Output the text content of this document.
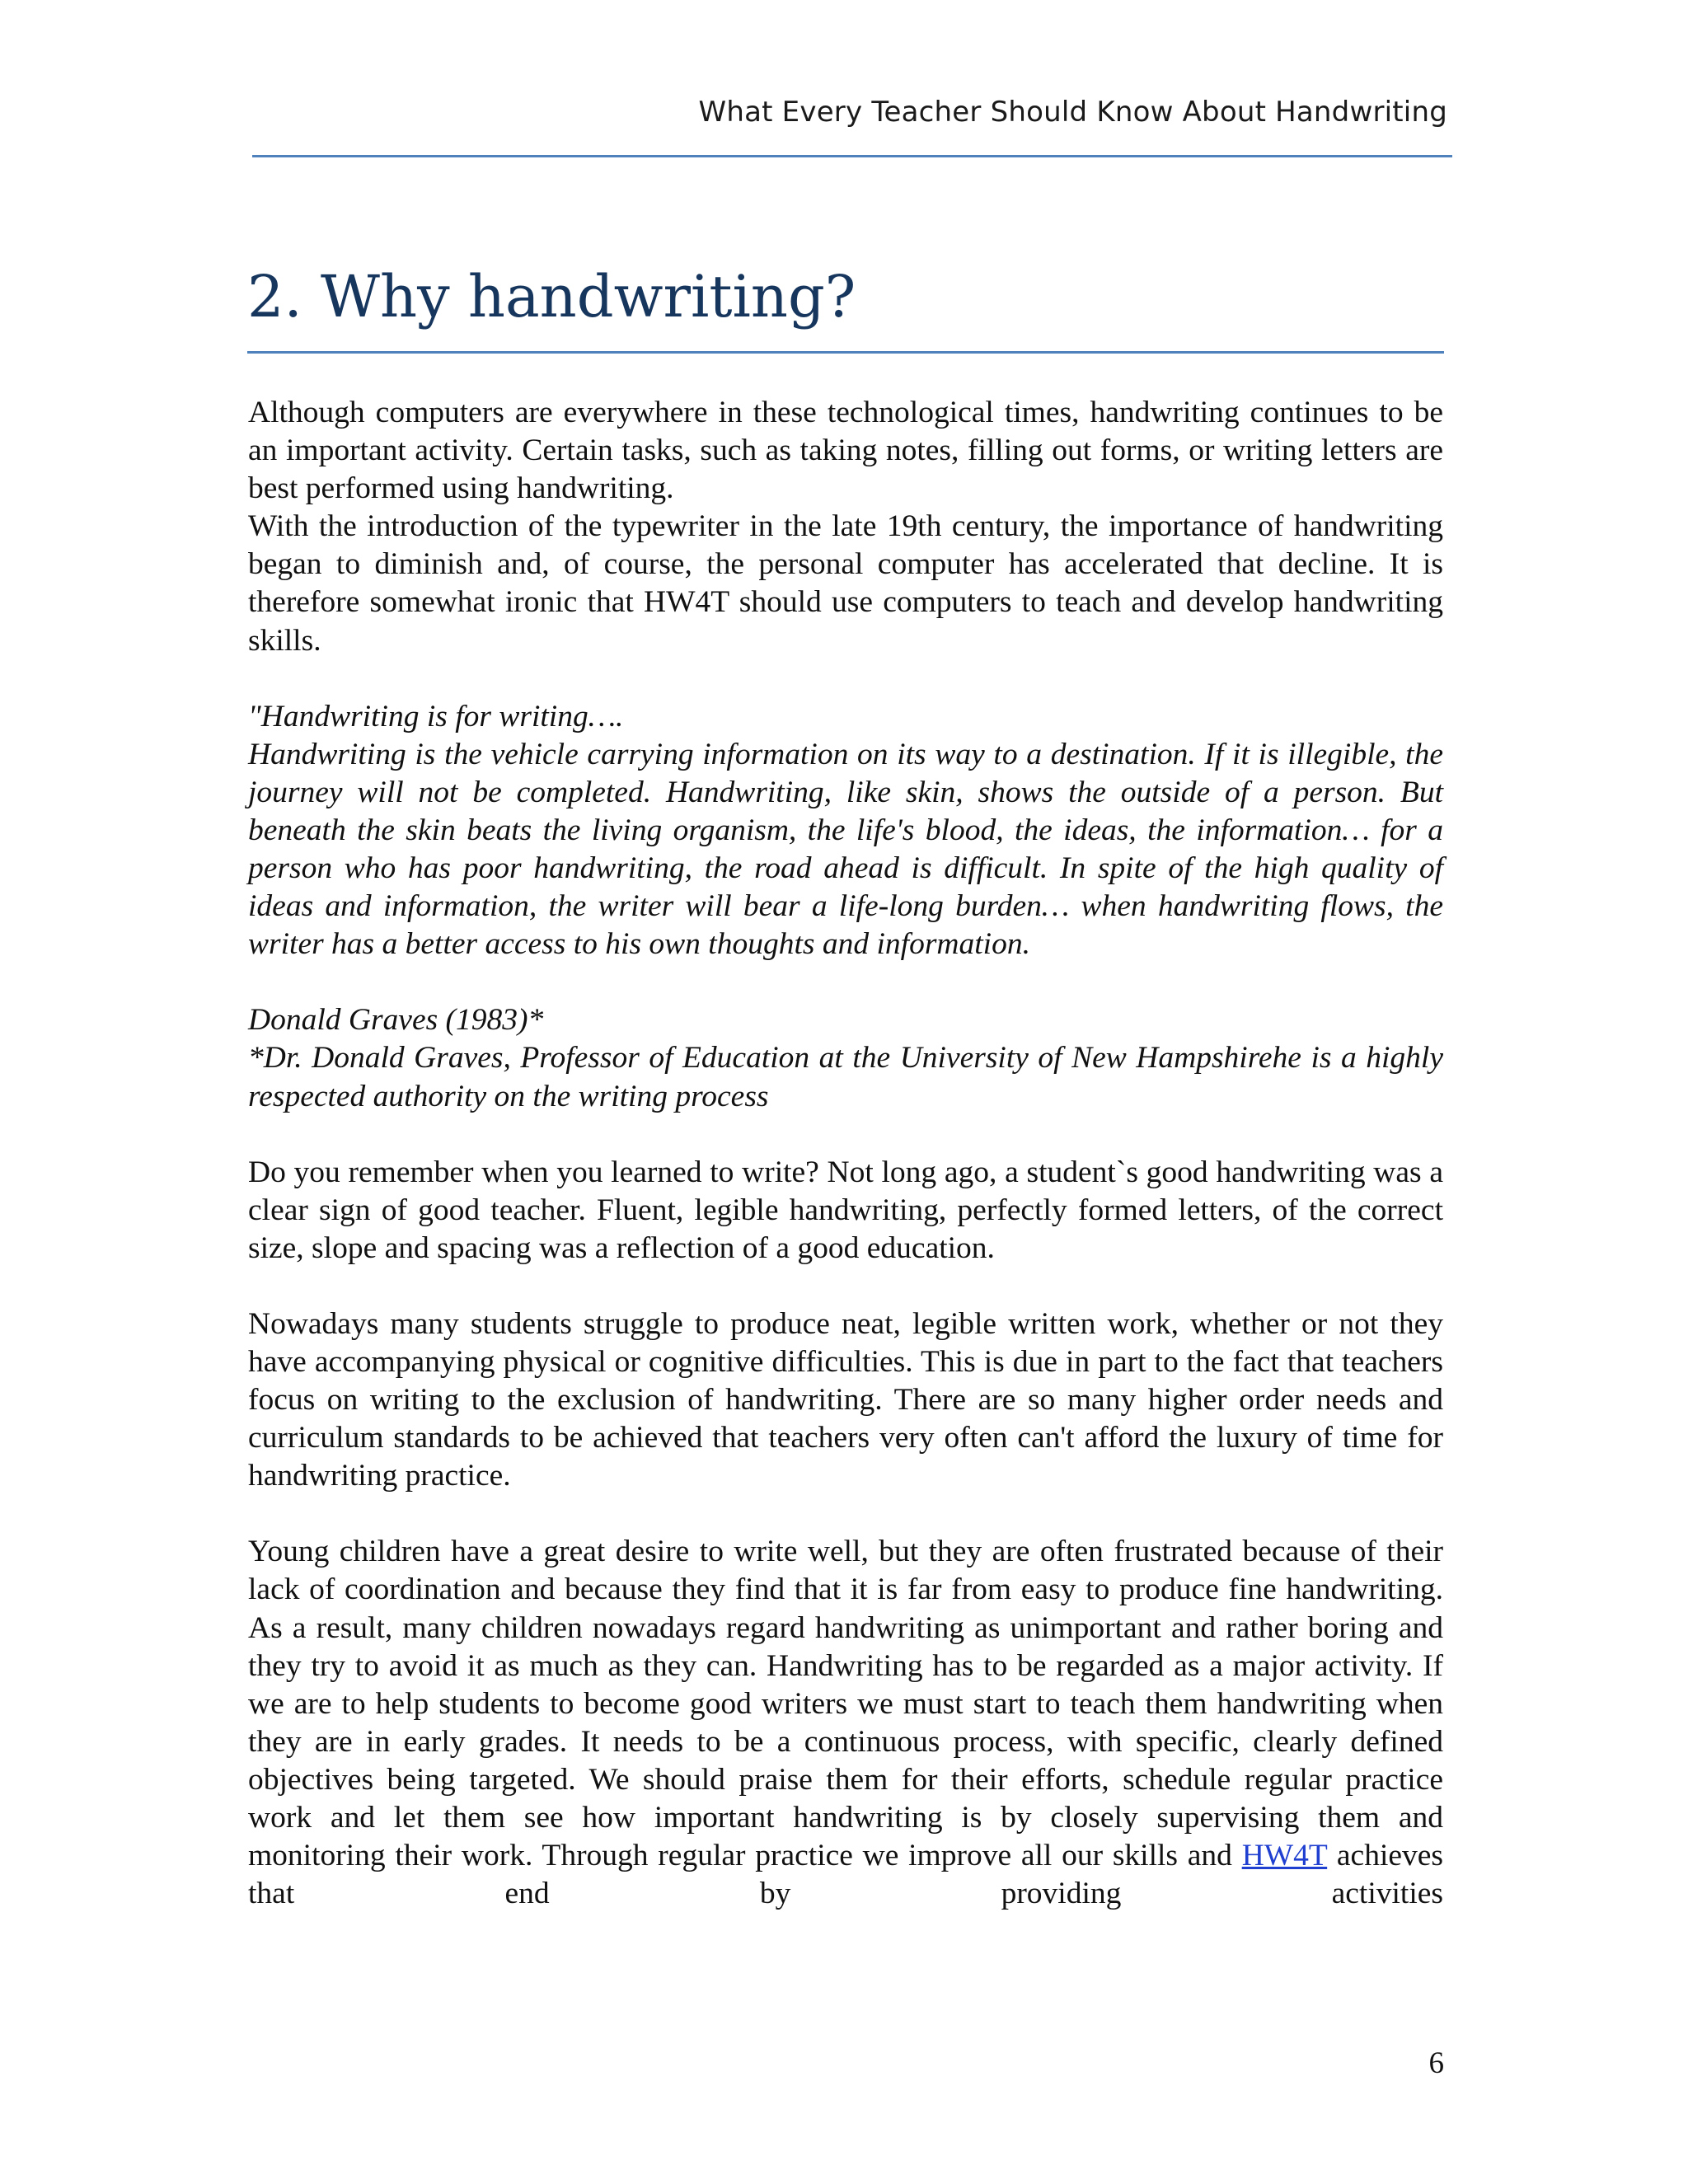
What Every Teacher Should Know About Handwriting
2. Why handwriting?

Although computers are everywhere in these technological times, handwriting continues to be an important activity. Certain tasks, such as taking notes, filling out forms, or writing letters are best performed using handwriting.

With the introduction of the typewriter in the late 19th century, the importance of handwriting began to diminish and, of course, the personal computer has accelerated that decline. It is therefore somewhat ironic that HW4T should use computers to teach and develop handwriting skills.

"Handwriting is for writing….

Handwriting is the vehicle carrying information on its way to a destination. If it is illegible, the journey will not be completed. Handwriting, like skin, shows the outside of a person. But beneath the skin beats the living organism, the life's blood, the ideas, the information… for a person who has poor handwriting, the road ahead is difficult. In spite of the high quality of ideas and information, the writer will bear a life-long burden… when handwriting flows, the writer has a better access to his own thoughts and information.

Donald Graves (1983)*

*Dr. Donald Graves, Professor of Education at the University of New Hampshirehe is a highly respected authority on the writing process

Do you remember when you learned to write? Not long ago, a student`s good handwriting was a clear sign of good teacher. Fluent, legible handwriting, perfectly formed letters, of the correct size, slope and spacing was a reflection of a good education.

Nowadays many students struggle to produce neat, legible written work, whether or not they have accompanying physical or cognitive difficulties. This is due in part to the fact that teachers focus on writing to the exclusion of handwriting. There are so many higher order needs and curriculum standards to be achieved that teachers very often can't afford the luxury of time for handwriting practice.

Young children have a great desire to write well, but they are often frustrated because of their lack of coordination and because they find that it is far from easy to produce fine handwriting. As a result, many children nowadays regard handwriting as unimportant and rather boring and they try to avoid it as much as they can. Handwriting has to be regarded as a major activity. If we are to help students to become good writers we must start to teach them handwriting when they are in early grades. It needs to be a continuous process, with specific, clearly defined objectives being targeted. We should praise them for their efforts, schedule regular practice work and let them see how important handwriting is by closely supervising them and monitoring their work. Through regular practice we improve all our skills and HW4T achieves that end by providing activities

6
